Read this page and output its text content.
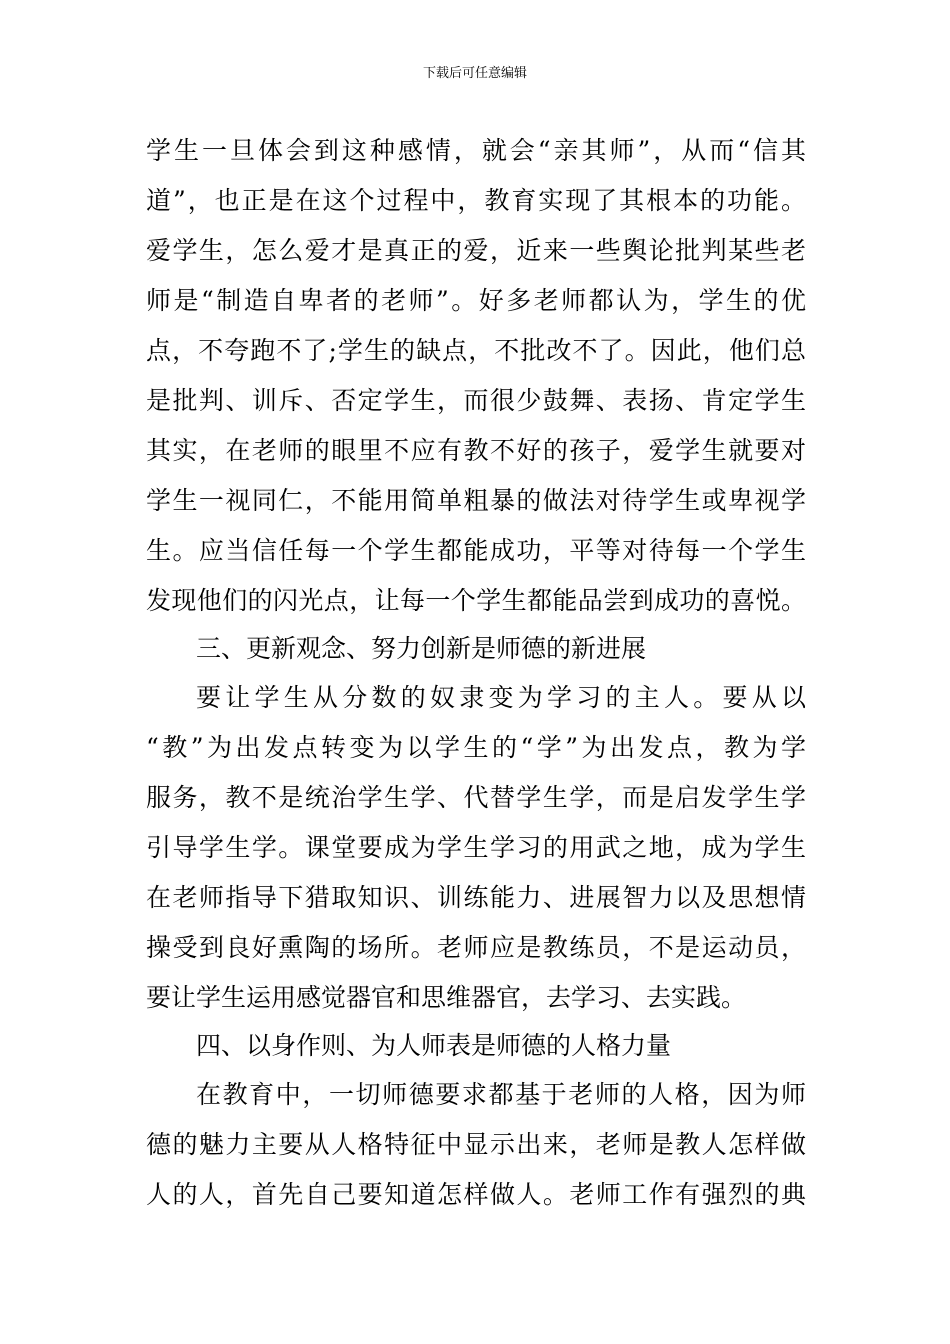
下载后可任意编辑
学生一旦体会到这种感情，就会“亲其师”，从而“信其
道”，也正是在这个过程中，教育实现了其根本的功能。
爱学生，怎么爱才是真正的爱，近来一些舆论批判某些老
师是“制造自卑者的老师”。好多老师都认为，学生的优
点，不夸跑不了;学生的缺点，不批改不了。因此，他们总
是批判、训斥、否定学生，而很少鼓舞、表扬、肯定学生
其实，在老师的眼里不应有教不好的孩子，爱学生就要对
学生一视同仁，不能用简单粗暴的做法对待学生或卑视学
生。应当信任每一个学生都能成功，平等对待每一个学生
发现他们的闪光点，让每一个学生都能品尝到成功的喜悦。
三、更新观念、努力创新是师德的新进展
要让学生从分数的奴隶变为学习的主人。要从以
“教”为出发点转变为以学生的“学”为出发点，教为学
服务，教不是统治学生学、代替学生学，而是启发学生学
引导学生学。课堂要成为学生学习的用武之地，成为学生
在老师指导下猎取知识、训练能力、进展智力以及思想情
操受到良好熏陶的场所。老师应是教练员，不是运动员，
要让学生运用感觉器官和思维器官，去学习、去实践。
四、以身作则、为人师表是师德的人格力量
在教育中，一切师德要求都基于老师的人格，因为师
德的魅力主要从人格特征中显示出来，老师是教人怎样做
人的人，首先自己要知道怎样做人。老师工作有强烈的典
